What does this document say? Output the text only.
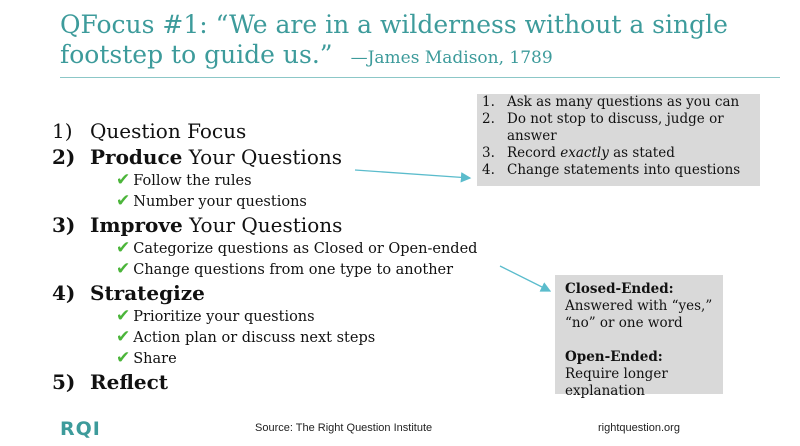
QFocus #1: “We are in a wilderness without a single footstep to guide us.” —James Madison, 1789
1) Question Focus
2) Produce Your Questions
✔ Follow the rules
✔ Number your questions
3) Improve Your Questions
✔ Categorize questions as Closed or Open-ended
✔ Change questions from one type to another
4) Strategize
✔ Prioritize your questions
✔ Action plan or discuss next steps
✔ Share
5) Reflect
1. Ask as many questions as you can
2. Do not stop to discuss, judge or answer
3. Record exactly as stated
4. Change statements into questions
Closed-Ended:
Answered with “yes,” “no” or one word
Open-Ended:
Require longer explanation
RQI	Source: The Right Question Institute	rightquestion.org
